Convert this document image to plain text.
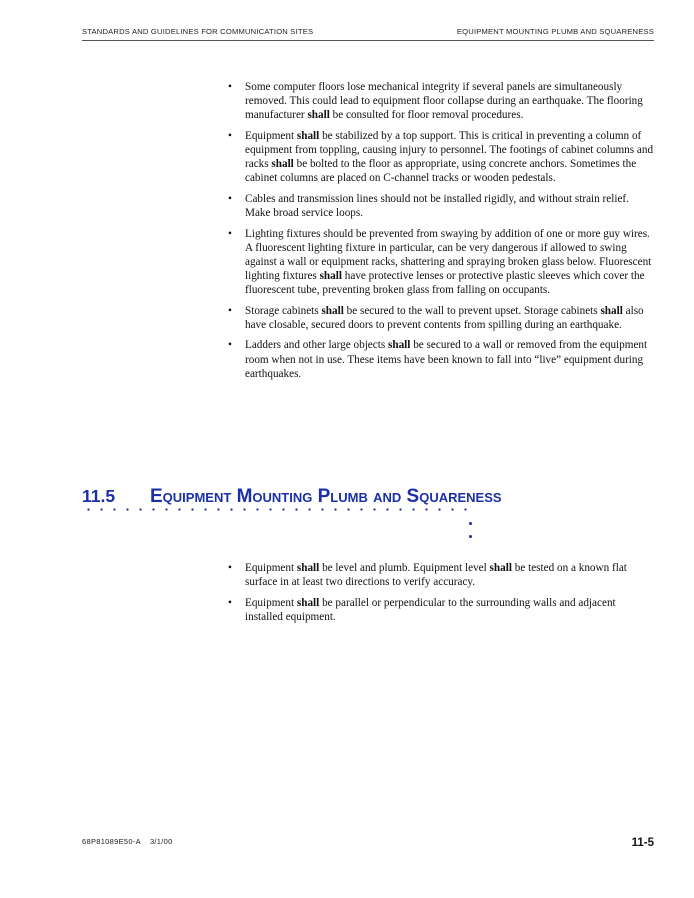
STANDARDS AND GUIDELINES FOR COMMUNICATION SITES	EQUIPMENT MOUNTING PLUMB AND SQUARENESS
• Some computer floors lose mechanical integrity if several panels are simultaneously removed. This could lead to equipment floor collapse during an earthquake. The flooring manufacturer shall be consulted for floor removal procedures.
• Equipment shall be stabilized by a top support. This is critical in preventing a column of equipment from toppling, causing injury to personnel. The footings of cabinet columns and racks shall be bolted to the floor as appropriate, using concrete anchors. Sometimes the cabinet columns are placed on C-channel tracks or wooden pedestals.
• Cables and transmission lines should not be installed rigidly, and without strain relief. Make broad service loops.
• Lighting fixtures should be prevented from swaying by addition of one or more guy wires. A fluorescent lighting fixture in particular, can be very dangerous if allowed to swing against a wall or equipment racks, shattering and spraying broken glass below. Fluorescent lighting fixtures shall have protective lenses or protective plastic sleeves which cover the fluorescent tube, preventing broken glass from falling on occupants.
• Storage cabinets shall be secured to the wall to prevent upset. Storage cabinets shall also have closable, secured doors to prevent contents from spilling during an earthquake.
• Ladders and other large objects shall be secured to a wall or removed from the equipment room when not in use. These items have been known to fall into “live” equipment during earthquakes.
11.5 Equipment Mounting Plumb and Squareness
• Equipment shall be level and plumb. Equipment level shall be tested on a known flat surface in at least two directions to verify accuracy.
• Equipment shall be parallel or perpendicular to the surrounding walls and adjacent installed equipment.
68P81089E50-A 3/1/00	11-5
